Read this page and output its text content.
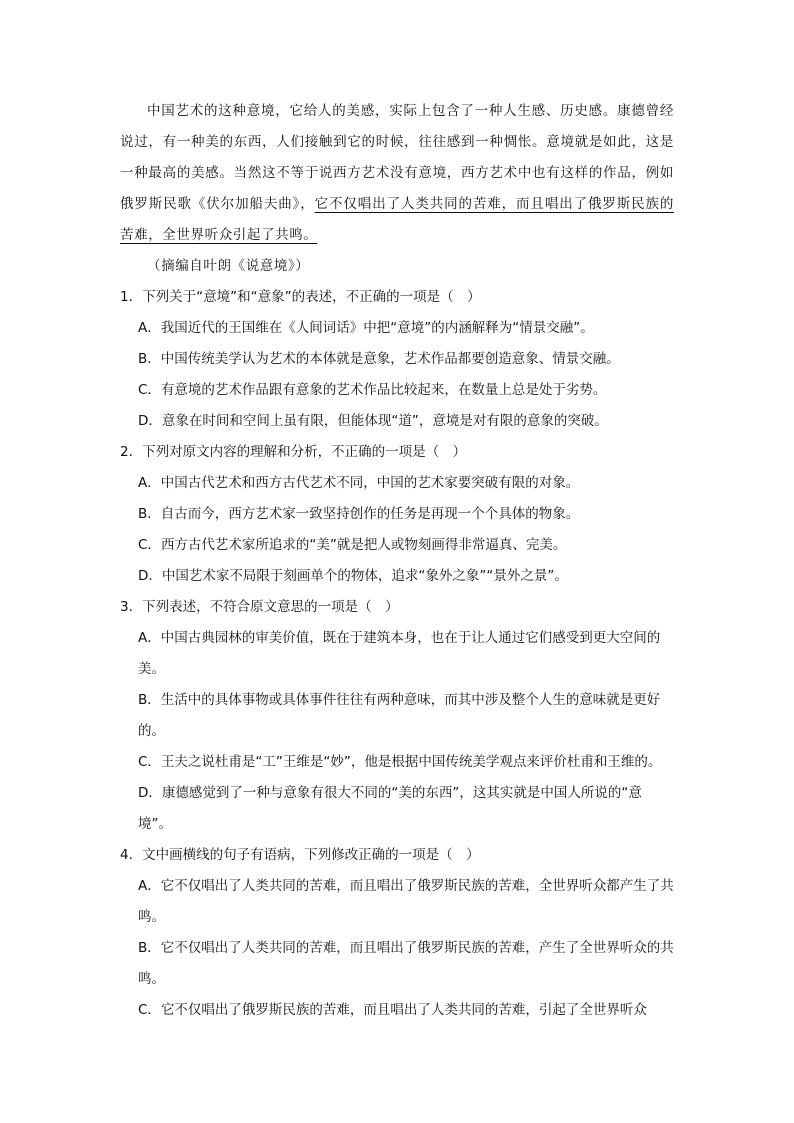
中国艺术的这种意境，它给人的美感，实际上包含了一种人生感、历史感。康德曾经说过，有一种美的东西，人们接触到它的时候，往往感到一种惆怅。意境就是如此，这是一种最高的美感。当然这不等于说西方艺术没有意境，西方艺术中也有这样的作品，例如俄罗斯民歌《伏尔加船夫曲》，它不仅唱出了人类共同的苦难，而且唱出了俄罗斯民族的苦难，全世界听众引起了共鸣。

（摘编自叶朗《说意境》）

1．下列关于“意境”和“意象”的表述，不正确的一项是（　）

A．我国近代的王国维在《人间词话》中把“意境”的内涵解释为“情景交融”。

B．中国传统美学认为艺术的本体就是意象，艺术作品都要创造意象、情景交融。

C．有意境的艺术作品跟有意象的艺术作品比较起来，在数量上总是处于劣势。

D．意象在时间和空间上虽有限，但能体现“道”，意境是对有限的意象的突破。

2．下列对原文内容的理解和分析，不正确的一项是（　）

A．中国古代艺术和西方古代艺术不同，中国的艺术家要突破有限的对象。

B．自古而今，西方艺术家一致坚持创作的任务是再现一个个具体的物象。

C．西方古代艺术家所追求的“美”就是把人或物刻画得非常逼真、完美。

D．中国艺术家不局限于刻画单个的物体，追求“象外之象”“景外之景”。

3．下列表述，不符合原文意思的一项是（　）

A．中国古典园林的审美价值，既在于建筑本身，也在于让人通过它们感受到更大空间的美。

B．生活中的具体事物或具体事件往往有两种意味，而其中涉及整个人生的意味就是更好的。

C．王夫之说杜甫是“工”王维是“妙”，他是根据中国传统美学观点来评价杜甫和王维的。

D．康德感觉到了一种与意象有很大不同的“美的东西”，这其实就是中国人所说的“意境”。

4．文中画横线的句子有语病，下列修改正确的一项是（　）

A．它不仅唱出了人类共同的苦难，而且唱出了俄罗斯民族的苦难，全世界听众都产生了共鸣。

B．它不仅唱出了人类共同的苦难，而且唱出了俄罗斯民族的苦难，产生了全世界听众的共鸣。

C．它不仅唱出了俄罗斯民族的苦难，而且唱出了人类共同的苦难，引起了全世界听众
